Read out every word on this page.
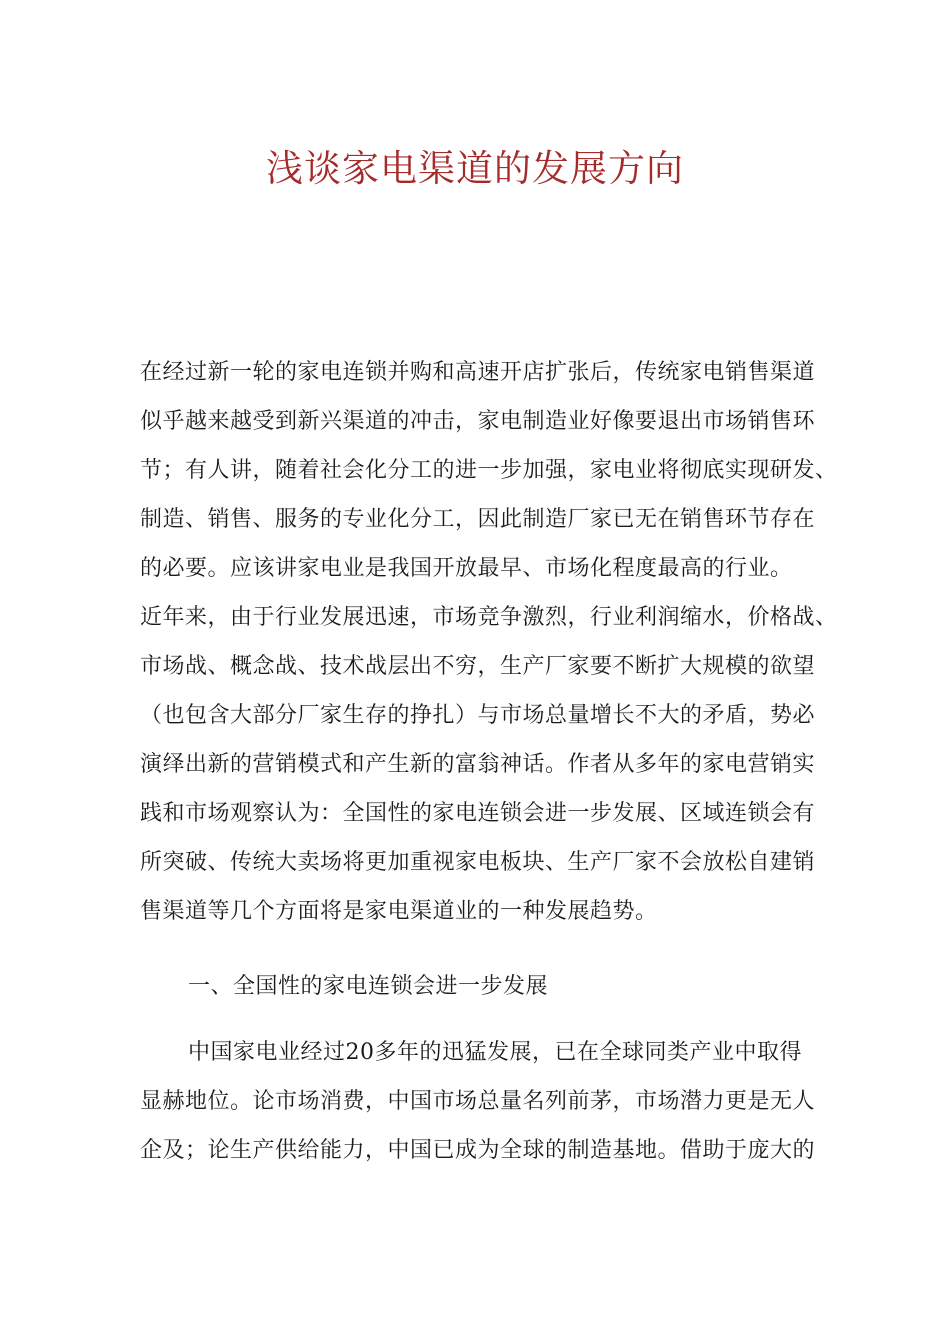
浅谈家电渠道的发展方向
在经过新一轮的家电连锁并购和高速开店扩张后，传统家电销售渠道
似乎越来越受到新兴渠道的冲击，家电制造业好像要退出市场销售环
节；有人讲，随着社会化分工的进一步加强，家电业将彻底实现研发、
制造、销售、服务的专业化分工，因此制造厂家已无在销售环节存在
的必要。应该讲家电业是我国开放最早、市场化程度最高的行业。
近年来，由于行业发展迅速，市场竞争激烈，行业利润缩水，价格战、
市场战、概念战、技术战层出不穷，生产厂家要不断扩大规模的欲望
（也包含大部分厂家生存的挣扎）与市场总量增长不大的矛盾，势必
演绎出新的营销模式和产生新的富翁神话。作者从多年的家电营销实
践和市场观察认为：全国性的家电连锁会进一步发展、区域连锁会有
所突破、传统大卖场将更加重视家电板块、生产厂家不会放松自建销
售渠道等几个方面将是家电渠道业的一种发展趋势。
一、全国性的家电连锁会进一步发展
中国家电业经过20多年的迅猛发展，已在全球同类产业中取得
显赫地位。论市场消费，中国市场总量名列前茅，市场潜力更是无人
企及；论生产供给能力，中国已成为全球的制造基地。借助于庞大的
